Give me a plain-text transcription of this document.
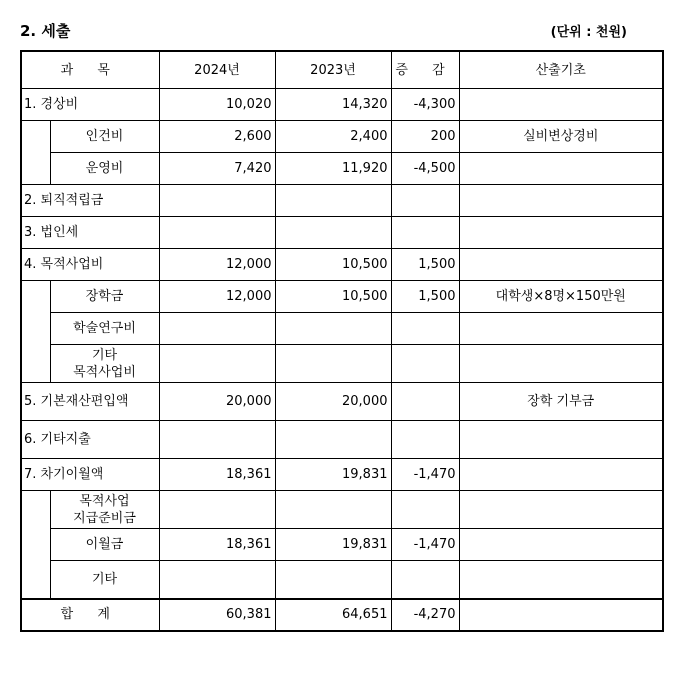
2. 세출	(단위 : 천원)
과 목		2024년	2023년	증 감	산출기초
1. 경상비		10,020	14,320	-4,300	
	인건비	2,600	2,400	200	실비변상경비
	운영비	7,420	11,920	-4,500	
2. 퇴직적립금					
3. 법인세					
4. 목적사업비		12,000	10,500	1,500	
	장학금	12,000	10,500	1,500	대학생×8명×150만원
	학술연구비				

	기타
목적사업비				

5. 기본재산편입액		20,000	20,000		장학 기부금
6. 기타지출					
7. 차기이월액		18,361	19,831	-1,470	

	목적사업
지급준비금				

	이월금	18,361	19,831	-1,470	
	기타				
합 계		60,381	64,651	-4,270	
